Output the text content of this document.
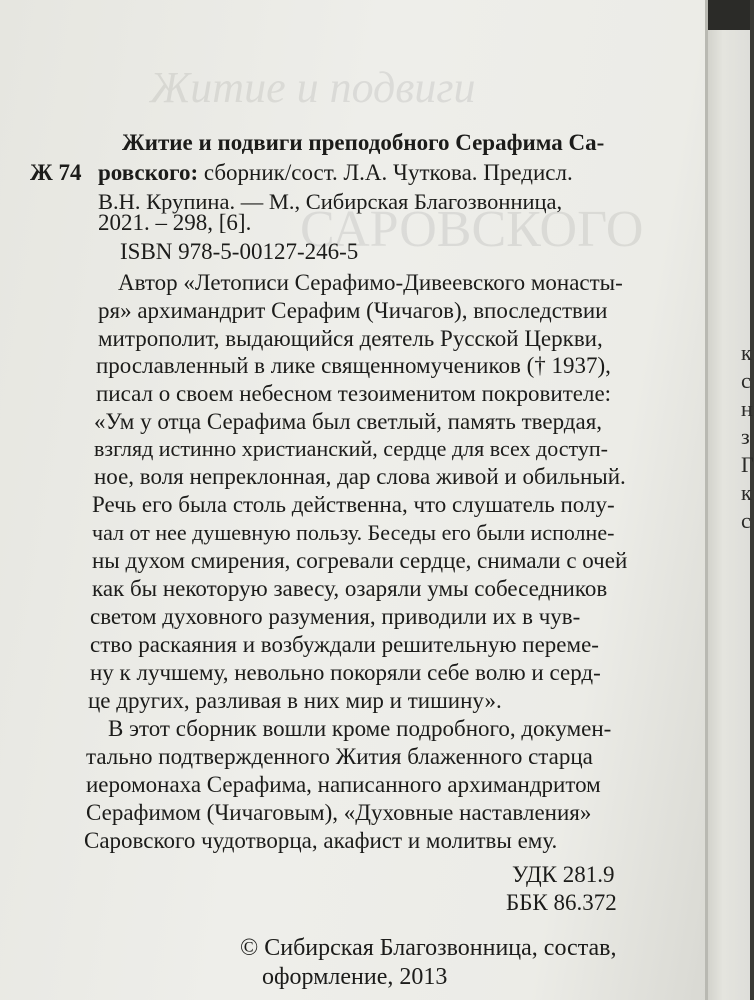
Житие и подвиги
САРОВСКОГО
Ж 74
Житие и подвиги преподобного Серафима Са-
ровского: сборник/сост. Л.А. Чуткова. Предисл.
В.Н. Крупина. — М., Сибирская Благозвонница,
2021. – 298, [6].
ISBN 978-5-00127-246-5
Автор «Летописи Серафимо-Дивеевского монасты-
ря» архимандрит Серафим (Чичагов), впоследствии
митрополит, выдающийся деятель Русской Церкви,
прославленный в лике священномучеников († 1937),
писал о своем небесном тезоименитом покровителе:
«Ум у отца Серафима был светлый, память твердая,
взгляд истинно христианский, сердце для всех доступ-
ное, воля непреклонная, дар слова живой и обильный.
Речь его была столь действенна, что слушатель полу-
чал от нее душевную пользу. Беседы его были исполне-
ны духом смирения, согревали сердце, снимали с очей
как бы некоторую завесу, озаряли умы собеседников
светом духовного разумения, приводили их в чув-
ство раскаяния и возбуждали решительную переме-
ну к лучшему, невольно покоряли себе волю и серд-
це других, разливая в них мир и тишину».
В этот сборник вошли кроме подробного, докумен-
тально подтвержденного Жития блаженного старца
иеромонаха Серафима, написанного архимандритом
Серафимом (Чичаговым), «Духовные наставления»
Саровского чудотворца, акафист и молитвы ему.
УДК 281.9
ББК 86.372
© Сибирская Благозвонница, состав,
оформление, 2013
к
с
н
з
Г
к
с
